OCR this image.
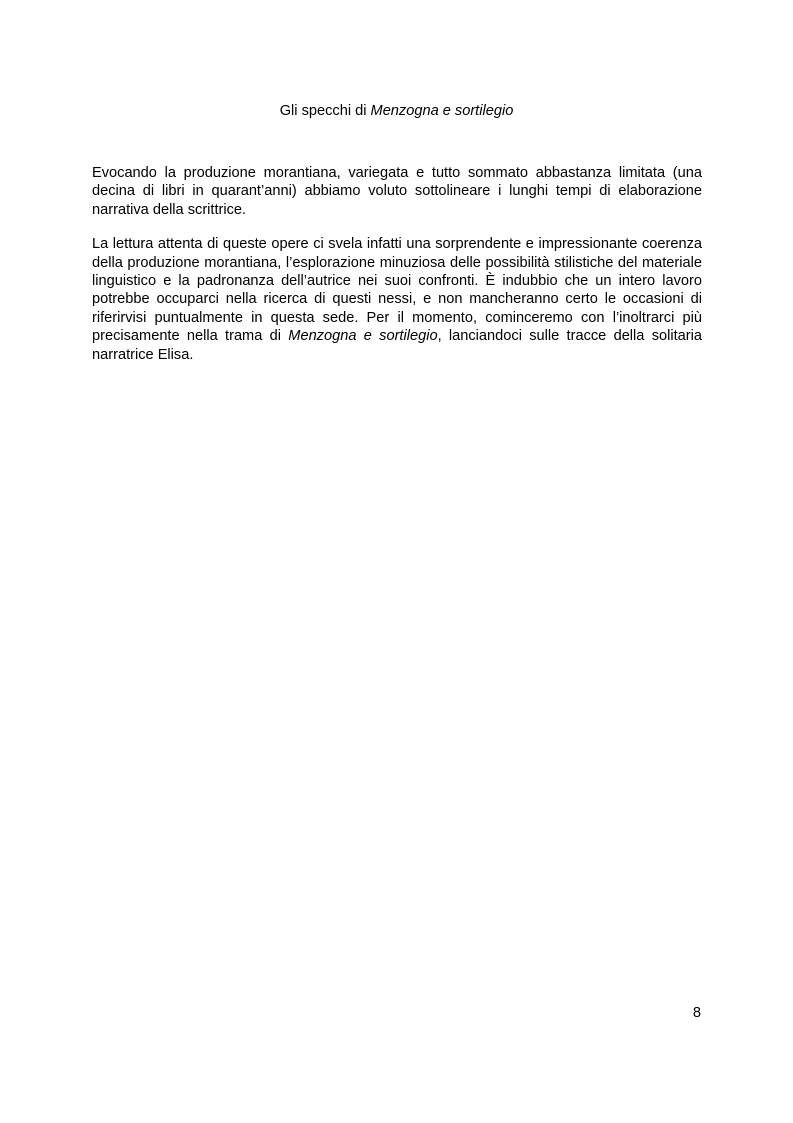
Gli specchi di Menzogna e sortilegio

Evocando la produzione morantiana, variegata e tutto sommato abbastanza limitata (una decina di libri in quarant’anni) abbiamo voluto sottolineare i lunghi tempi di elaborazione narrativa della scrittrice.

La lettura attenta di queste opere ci svela infatti una sorprendente e impressionante coerenza della produzione morantiana, l’esplorazione minuziosa delle possibilità stilistiche del materiale linguistico e la padronanza dell’autrice nei suoi confronti. È indubbio che un intero lavoro potrebbe occuparci nella ricerca di questi nessi, e non mancheranno certo le occasioni di riferirvisi puntualmente in questa sede. Per il momento, cominceremo con l’inoltrarci più precisamente nella trama di Menzogna e sortilegio, lanciandoci sulle tracce della solitaria narratrice Elisa.

8
